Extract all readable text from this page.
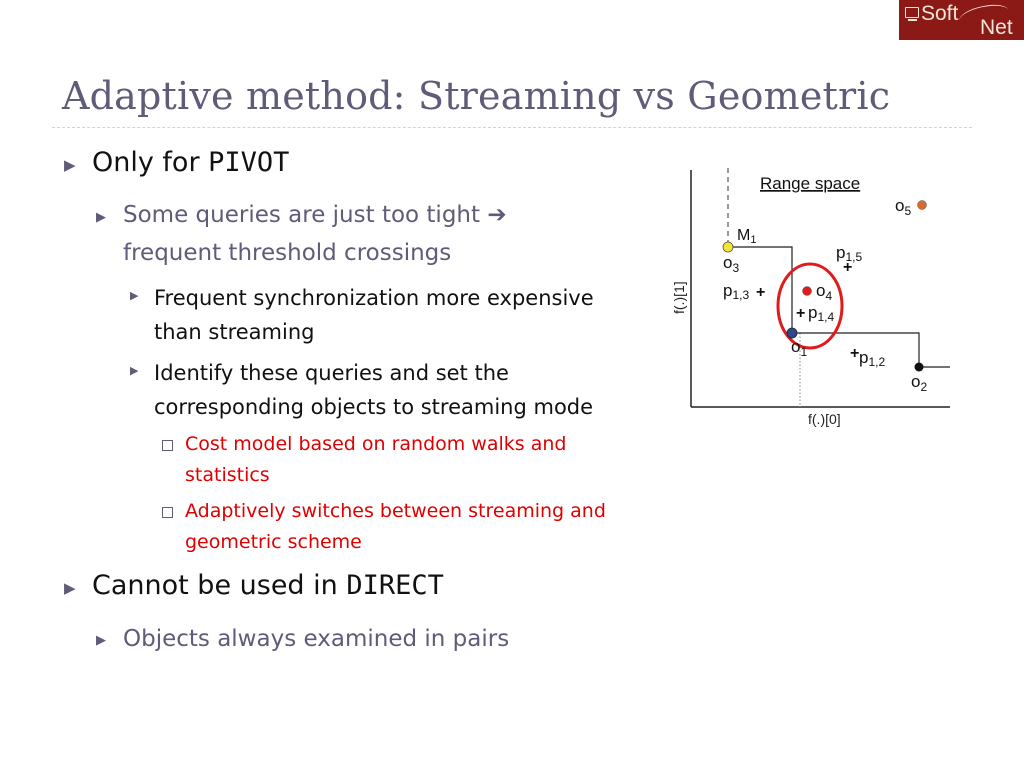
Soft
Net
Adaptive method: Streaming vs Geometric
▶ Only for PIVOT
▶ Some queries are just too tight ➔
frequent threshold crossings
▶ Frequent synchronization more expensive
than streaming
▶ Identify these queries and set the
corresponding objects to streaming mode
Cost model based on random walks and
statistics
Adaptively switches between streaming and
geometric scheme
▶ Cannot be used in DIRECT
▶ Objects always examined in pairs
+
+
+
+
Range space
M1
$o_3$
p1,3	$o_4$
p1,4
p1,5
$o_5$
$o_1$	p1,2
$o_2$
f(.)[0]
f(.)[1]
